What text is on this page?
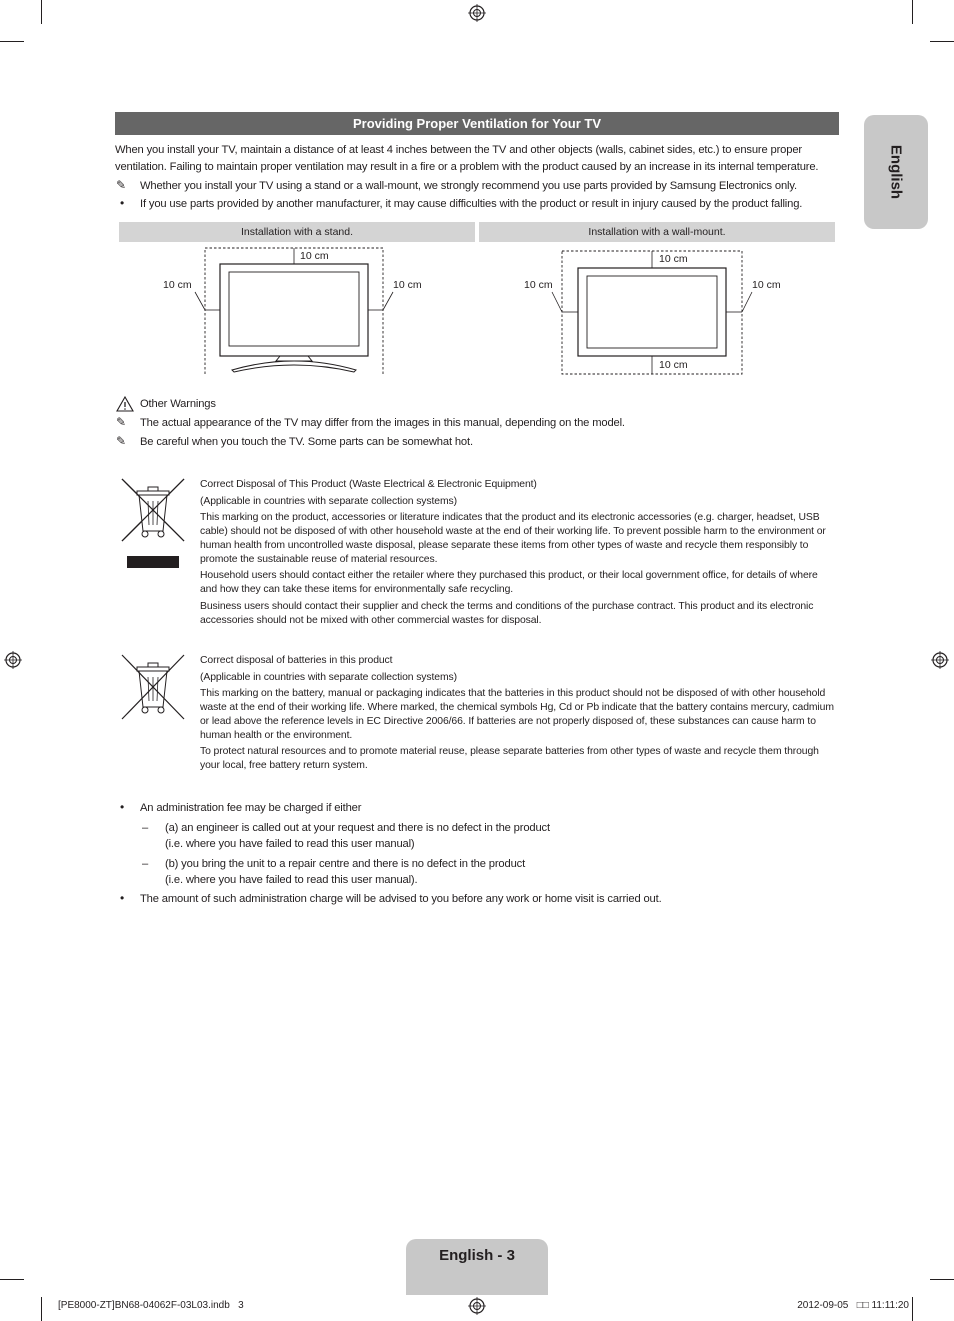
English
Providing Proper Ventilation for Your TV
When you install your TV, maintain a distance of at least 4 inches between the TV and other objects (walls, cabinet sides, etc.) to ensure proper ventilation. Failing to maintain proper ventilation may result in a fire or a problem with the product caused by an increase in its internal temperature.
✎ Whether you install your TV using a stand or a wall-mount, we strongly recommend you use parts provided by Samsung Electronics only.
• If you use parts provided by another manufacturer, it may cause difficulties with the product or result in injury caused by the product falling.
Installation with a stand.	Installation with a wall-mount.
10 cm
10 cm	10 cm
10 cm
10 cm	10 cm
10 cm
Other Warnings
✎ The actual appearance of the TV may differ from the images in this manual, depending on the model.
✎ Be careful when you touch the TV. Some parts can be somewhat hot.
Correct Disposal of This Product (Waste Electrical & Electronic Equipment)
(Applicable in countries with separate collection systems)
This marking on the product, accessories or literature indicates that the product and its electronic accessories (e.g. charger, headset, USB cable) should not be disposed of with other household waste at the end of their working life. To prevent possible harm to the environment or human health from uncontrolled waste disposal, please separate these items from other types of waste and recycle them responsibly to promote the sustainable reuse of material resources.
Household users should contact either the retailer where they purchased this product, or their local government office, for details of where and how they can take these items for environmentally safe recycling.
Business users should contact their supplier and check the terms and conditions of the purchase contract. This product and its electronic accessories should not be mixed with other commercial wastes for disposal.
Correct disposal of batteries in this product
(Applicable in countries with separate collection systems)
This marking on the battery, manual or packaging indicates that the batteries in this product should not be disposed of with other household waste at the end of their working life. Where marked, the chemical symbols Hg, Cd or Pb indicate that the battery contains mercury, cadmium or lead above the reference levels in EC Directive 2006/66. If batteries are not properly disposed of, these substances can cause harm to human health or the environment.
To protect natural resources and to promote material reuse, please separate batteries from other types of waste and recycle them through your local, free battery return system.
• An administration fee may be charged if either
– (a) an engineer is called out at your request and there is no defect in the product
(i.e. where you have failed to read this user manual)
– (b) you bring the unit to a repair centre and there is no defect in the product
(i.e. where you have failed to read this user manual).
• The amount of such administration charge will be advised to you before any work or home visit is carried out.
English - 3
[PE8000-ZT]BN68-04062F-03L03.indb   3	2012-09-05   □□ 11:11:20
